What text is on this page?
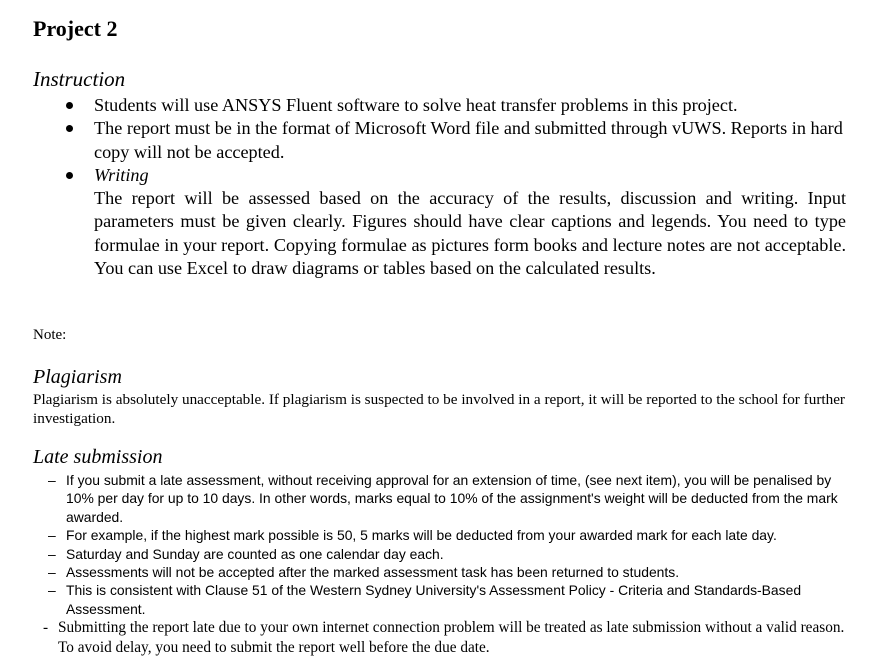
Project 2
Instruction
Students will use ANSYS Fluent software to solve heat transfer problems in this project.
The report must be in the format of Microsoft Word file and submitted through vUWS. Reports in hard copy will not be accepted.
Writing
The report will be assessed based on the accuracy of the results, discussion and writing. Input parameters must be given clearly. Figures should have clear captions and legends. You need to type formulae in your report. Copying formulae as pictures form books and lecture notes are not acceptable. You can use Excel to draw diagrams or tables based on the calculated results.
Note:
Plagiarism
Plagiarism is absolutely unacceptable. If plagiarism is suspected to be involved in a report, it will be reported to the school for further investigation.
Late submission
– If you submit a late assessment, without receiving approval for an extension of time, (see next item), you will be penalised by 10% per day for up to 10 days. In other words, marks equal to 10% of the assignment's weight will be deducted from the mark awarded.
– For example, if the highest mark possible is 50, 5 marks will be deducted from your awarded mark for each late day.
– Saturday and Sunday are counted as one calendar day each.
– Assessments will not be accepted after the marked assessment task has been returned to students.
– This is consistent with Clause 51 of the Western Sydney University's Assessment Policy - Criteria and Standards-Based Assessment.
- Submitting the report late due to your own internet connection problem will be treated as late submission without a valid reason. To avoid delay, you need to submit the report well before the due date.
